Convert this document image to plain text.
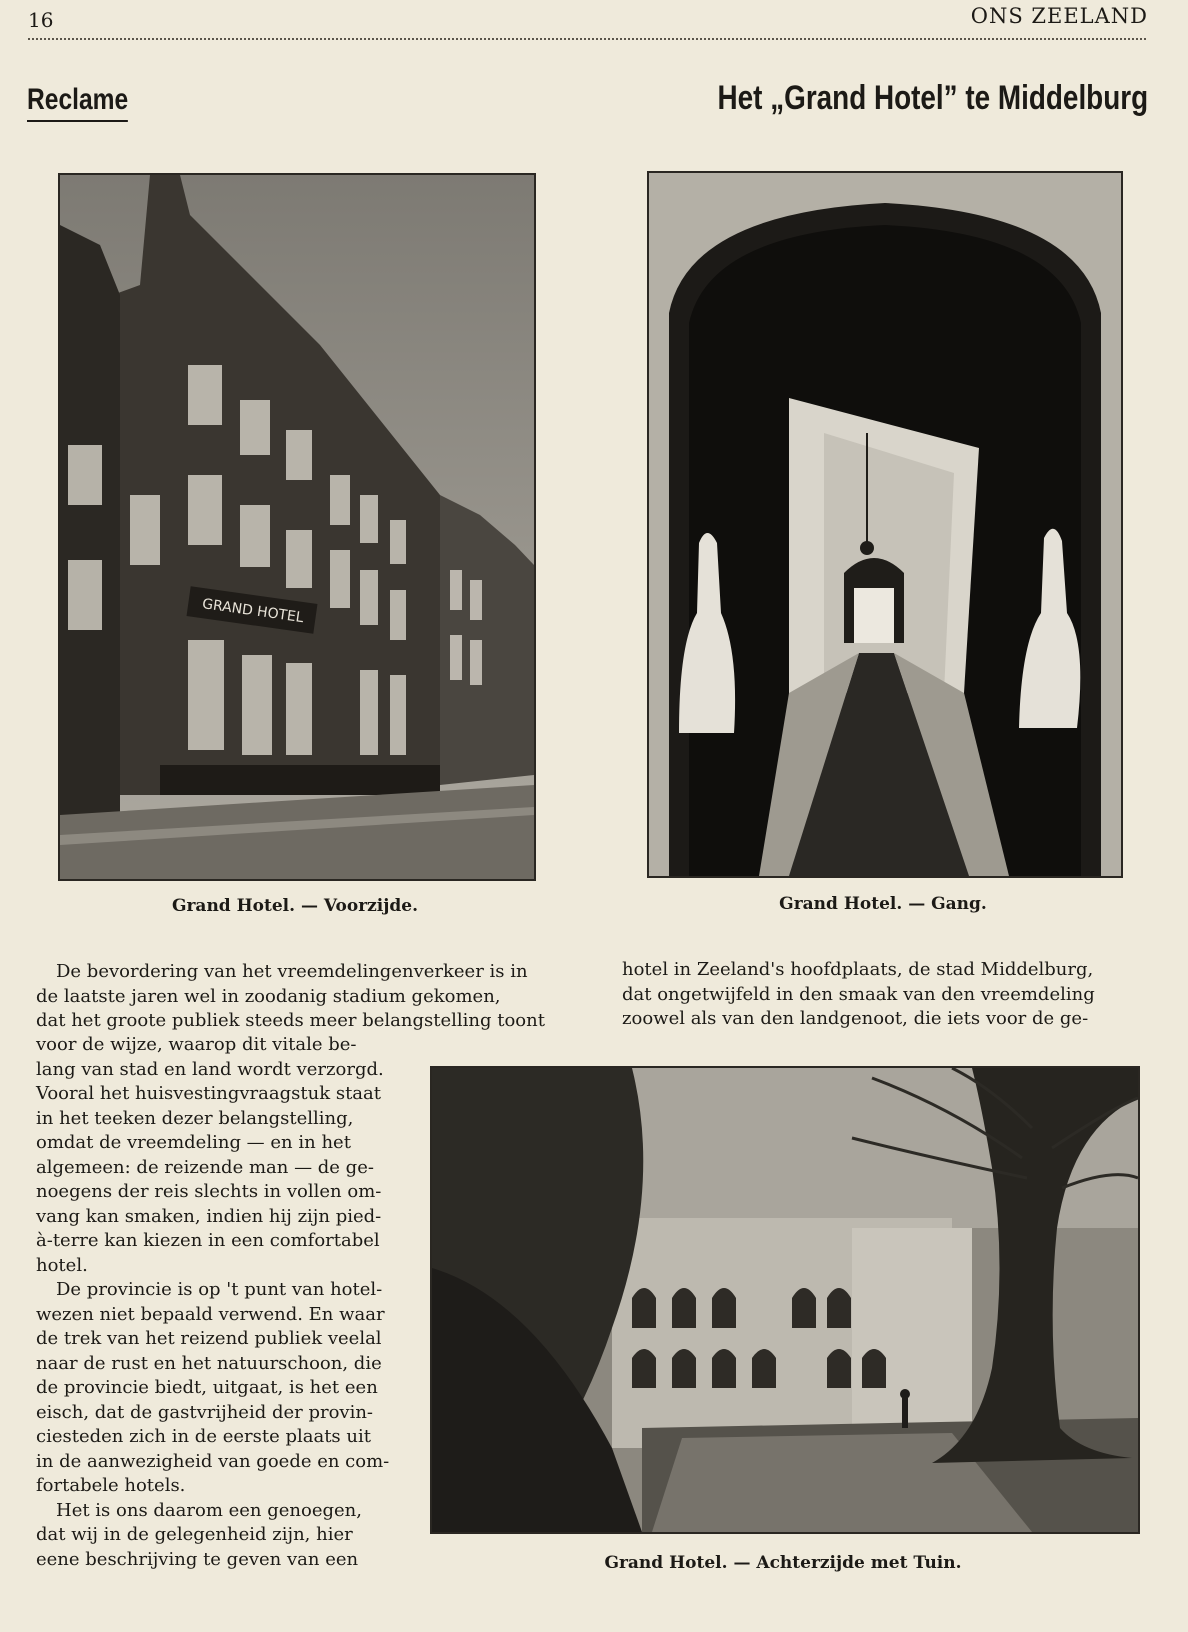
16	ONS ZEELAND
Reclame	Het „Grand Hotel” te Middelburg
GRAND HOTEL
Grand Hotel. — Voorzijde.	Grand Hotel. — Gang.
De bevordering van het vreemdelingenverkeer is in
de laatste jaren wel in zoodanig stadium gekomen,
dat het groote publiek steeds meer belangstelling toont
voor de wijze, waarop dit vitale be-
lang van stad en land wordt verzorgd.
Vooral het huisvestingvraagstuk staat
in het teeken dezer belangstelling,
omdat de vreemdeling — en in het
algemeen: de reizende man — de ge-
noegens der reis slechts in vollen om-
vang kan smaken, indien hij zijn pied-
à-terre kan kiezen in een comfortabel
hotel.
De provincie is op 't punt van hotel-
wezen niet bepaald verwend. En waar
de trek van het reizend publiek veelal
naar de rust en het natuurschoon, die
de provincie biedt, uitgaat, is het een
eisch, dat de gastvrijheid der provin-
ciesteden zich in de eerste plaats uit
in de aanwezigheid van goede en com-
fortabele hotels.
Het is ons daarom een genoegen,
dat wij in de gelegenheid zijn, hier
eene beschrijving te geven van een
hotel in Zeeland's hoofdplaats, de stad Middelburg,
dat ongetwijfeld in den smaak van den vreemdeling
zoowel als van den landgenoot, die iets voor de ge-
Grand Hotel. — Achterzijde met Tuin.
